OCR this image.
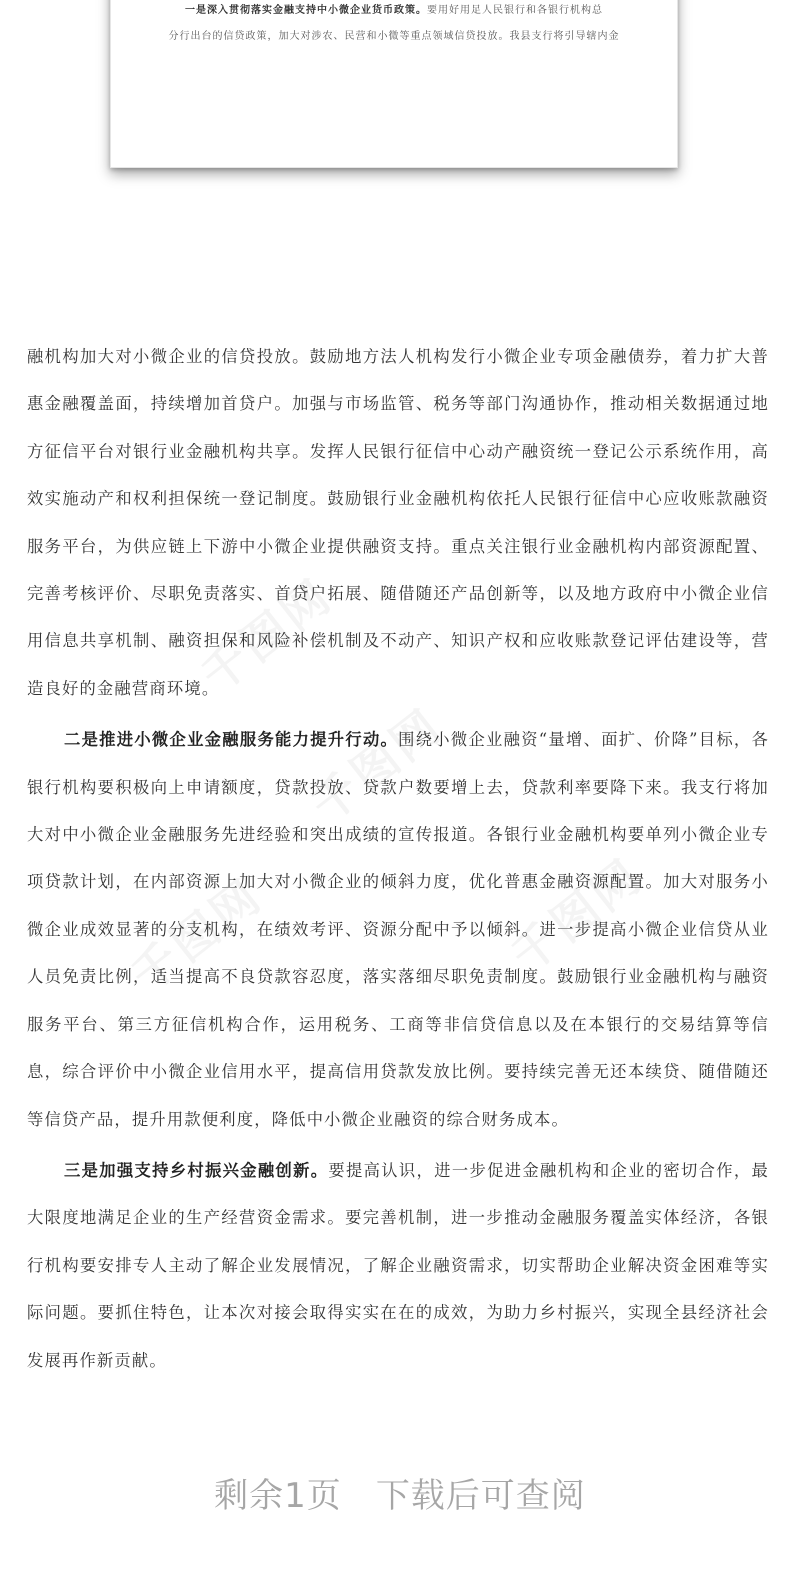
一是深入贯彻落实金融支持中小微企业货币政策。要用好用足人民银行和各银行机构总
分行出台的信贷政策，加大对涉农、民营和小微等重点领域信贷投放。我县支行将引导辖内金
千图网
千图网
千图网	千图网

融机构加大对小微企业的信贷投放。鼓励地方法人机构发行小微企业专项金融债券，着力扩大普惠金融覆盖面，持续增加首贷户。加强与市场监管、税务等部门沟通协作，推动相关数据通过地方征信平台对银行业金融机构共享。发挥人民银行征信中心动产融资统一登记公示系统作用，高效实施动产和权利担保统一登记制度。鼓励银行业金融机构依托人民银行征信中心应收账款融资服务平台，为供应链上下游中小微企业提供融资支持。重点关注银行业金融机构内部资源配置、完善考核评价、尽职免责落实、首贷户拓展、随借随还产品创新等，以及地方政府中小微企业信用信息共享机制、融资担保和风险补偿机制及不动产、知识产权和应收账款登记评估建设等，营造良好的金融营商环境。

二是推进小微企业金融服务能力提升行动。围绕小微企业融资“量增、面扩、价降”目标，各银行机构要积极向上申请额度，贷款投放、贷款户数要增上去，贷款利率要降下来。我支行将加大对中小微企业金融服务先进经验和突出成绩的宣传报道。各银行业金融机构要单列小微企业专项贷款计划，在内部资源上加大对小微企业的倾斜力度，优化普惠金融资源配置。加大对服务小微企业成效显著的分支机构，在绩效考评、资源分配中予以倾斜。进一步提高小微企业信贷从业人员免责比例，适当提高不良贷款容忍度，落实落细尽职免责制度。鼓励银行业金融机构与融资服务平台、第三方征信机构合作，运用税务、工商等非信贷信息以及在本银行的交易结算等信息，综合评价中小微企业信用水平，提高信用贷款发放比例。要持续完善无还本续贷、随借随还等信贷产品，提升用款便利度，降低中小微企业融资的综合财务成本。

三是加强支持乡村振兴金融创新。要提高认识，进一步促进金融机构和企业的密切合作，最大限度地满足企业的生产经营资金需求。要完善机制，进一步推动金融服务覆盖实体经济，各银行机构要安排专人主动了解企业发展情况，了解企业融资需求，切实帮助企业解决资金困难等实际问题。要抓住特色，让本次对接会取得实实在在的成效，为助力乡村振兴，实现全县经济社会发展再作新贡献。

剩余1页 下载后可查阅
